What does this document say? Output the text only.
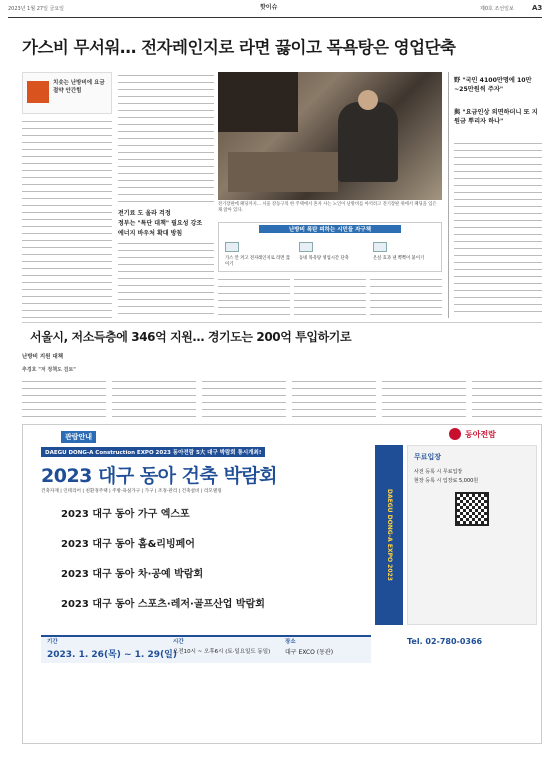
2023년 1월 27일 금요일	핫이슈	제0호 조선일보	A3
가스비 무서워… 전자레인지로 라면 끓이고 목욕탕은 영업단축
치솟는 난방비에 요금절약 안간힘
전기료 도 올라 걱정
정부는 "특단 대책" 필요성 강조
에너지 바우처 확대 방침
전기장판에 패딩까지… 서울 강동구의 한 주택에서 혼자 사는 노인이 난방비를 아끼려고 전기장판 위에서 패딩을 입은 채 앉아 있다.
난방비 폭탄 피하는 시민들 자구책
가스 안 켜고 전자레인지로 라면 끓이기
동네 목욕탕 영업시간 단축	온실 효과 낸 뽁뽁이 붙이기
野 "국민 4100만명에 10만~25만원씩 주자"
與 "요금인상 외면하더니 또 지원금 뿌리자 하나"
서울시, 저소득층에 346억 지원… 경기도는 200억 투입하기로
난방비 지원 대책
추경호 "저 정책도 검토"
관람안내	동아전람
DAEGU DONG-A Construction EXPO 2023 동아전람 5大 대구 박람회 통시개최!
2023 대구 동아 건축 박람회
건축자재 | 인테리어 | 친환경주택 | 주방·욕실가구 | 가구 | 조경·관리 | 건축설비 | 리모델링
2023 대구 동아 가구 엑스포
2023 대구 동아 홈&리빙페어
2023 대구 동아 차·공예 박람회
2023 대구 동아 스포츠·레저·골프산업 박람회
DAEGU DONG-A EXPO 2023
무료입장
사전 등록 시 무료입장
현장 등록 시 입장료 5,000원
기간
2023. 1. 26(목) ~ 1. 29(일)
시간
오전10시 ~ 오후6시 (토·일요일도 동일)
장소
대구 EXCO (동관)
Tel. 02-780-0366
